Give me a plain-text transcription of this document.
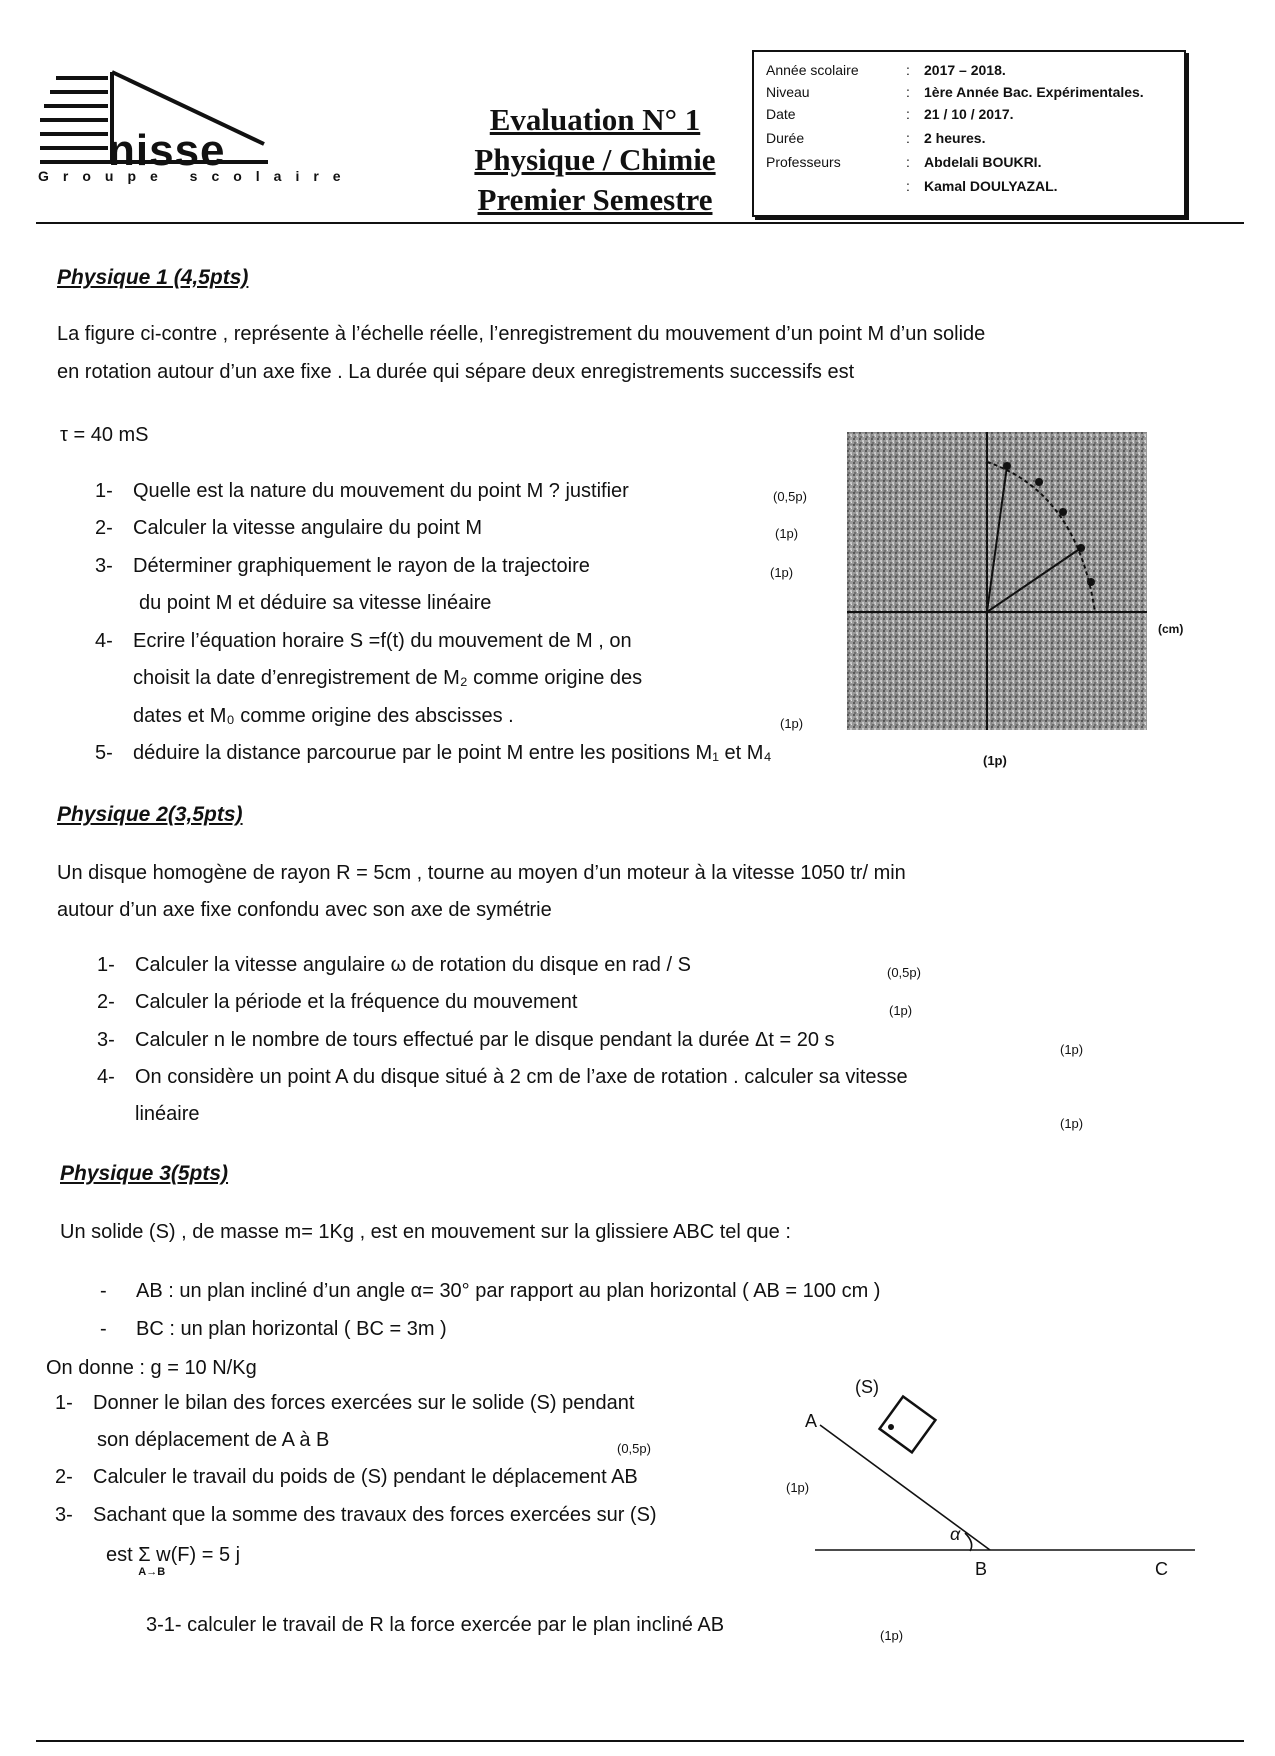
nisse
Groupe scolaire
Evaluation N° 1
Physique / Chimie
Premier Semestre
Année scolaire	: 2017 – 2018.
Niveau	: 1ère Année Bac. Expérimentales.
Date	: 21 / 10 / 2017.
Durée	: 2 heures.
Professeurs	: Abdelali BOUKRI.
: Kamal DOULYAZAL.
Physique 1 (4,5pts)
La figure ci-contre , représente à l’échelle réelle, l’enregistrement du mouvement d’un point M d’un solide
en rotation autour d’un axe fixe . La durée qui sépare deux enregistrements successifs est
τ = 40 mS
1- Quelle est la nature du mouvement du point M ? justifier	(0,5p)
2- Calculer la vitesse angulaire du point M	(1p)
3- Déterminer graphiquement le rayon de la trajectoire	(1p)
du point M et déduire sa vitesse linéaire
4- Ecrire l’équation horaire S =f(t) du mouvement de M , on
choisit la date d’enregistrement de M₂ comme origine des
dates et M₀ comme origine des abscisses .	(1p)
5- déduire la distance parcourue par le point M entre les positions M₁ et M₄	(1p)
(cm)
Physique 2(3,5pts)
Un disque homogène de rayon R = 5cm , tourne au moyen d’un moteur à la vitesse 1050 tr/ min
autour d’un axe fixe confondu avec son axe de symétrie
1- Calculer la vitesse angulaire ω de rotation du disque en rad / S	(0,5p)
2- Calculer la période et la fréquence du mouvement	(1p)
3- Calculer n le nombre de tours effectué par le disque pendant la durée Δt = 20 s	(1p)
4- On considère un point A du disque situé à 2 cm de l’axe de rotation . calculer sa vitesse
linéaire	(1p)
Physique 3(5pts)
Un solide (S) , de masse m= 1Kg , est en mouvement sur la glissiere ABC tel que :
- AB : un plan incliné d’un angle α= 30° par rapport au plan horizontal ( AB = 100 cm )
- BC : un plan horizontal ( BC = 3m )
On donne : g = 10 N/Kg
1- Donner le bilan des forces exercées sur le solide (S) pendant
son déplacement de A à B	(0,5p)
2- Calculer le travail du poids de (S) pendant le déplacement AB	(1p)
3- Sachant que la somme des travaux des forces exercées sur (S)
est Σ w(F) = 5 j
A→B
3-1- calculer le travail de R la force exercée par le plan incliné AB	(1p)
(S)
A
B	C
α
